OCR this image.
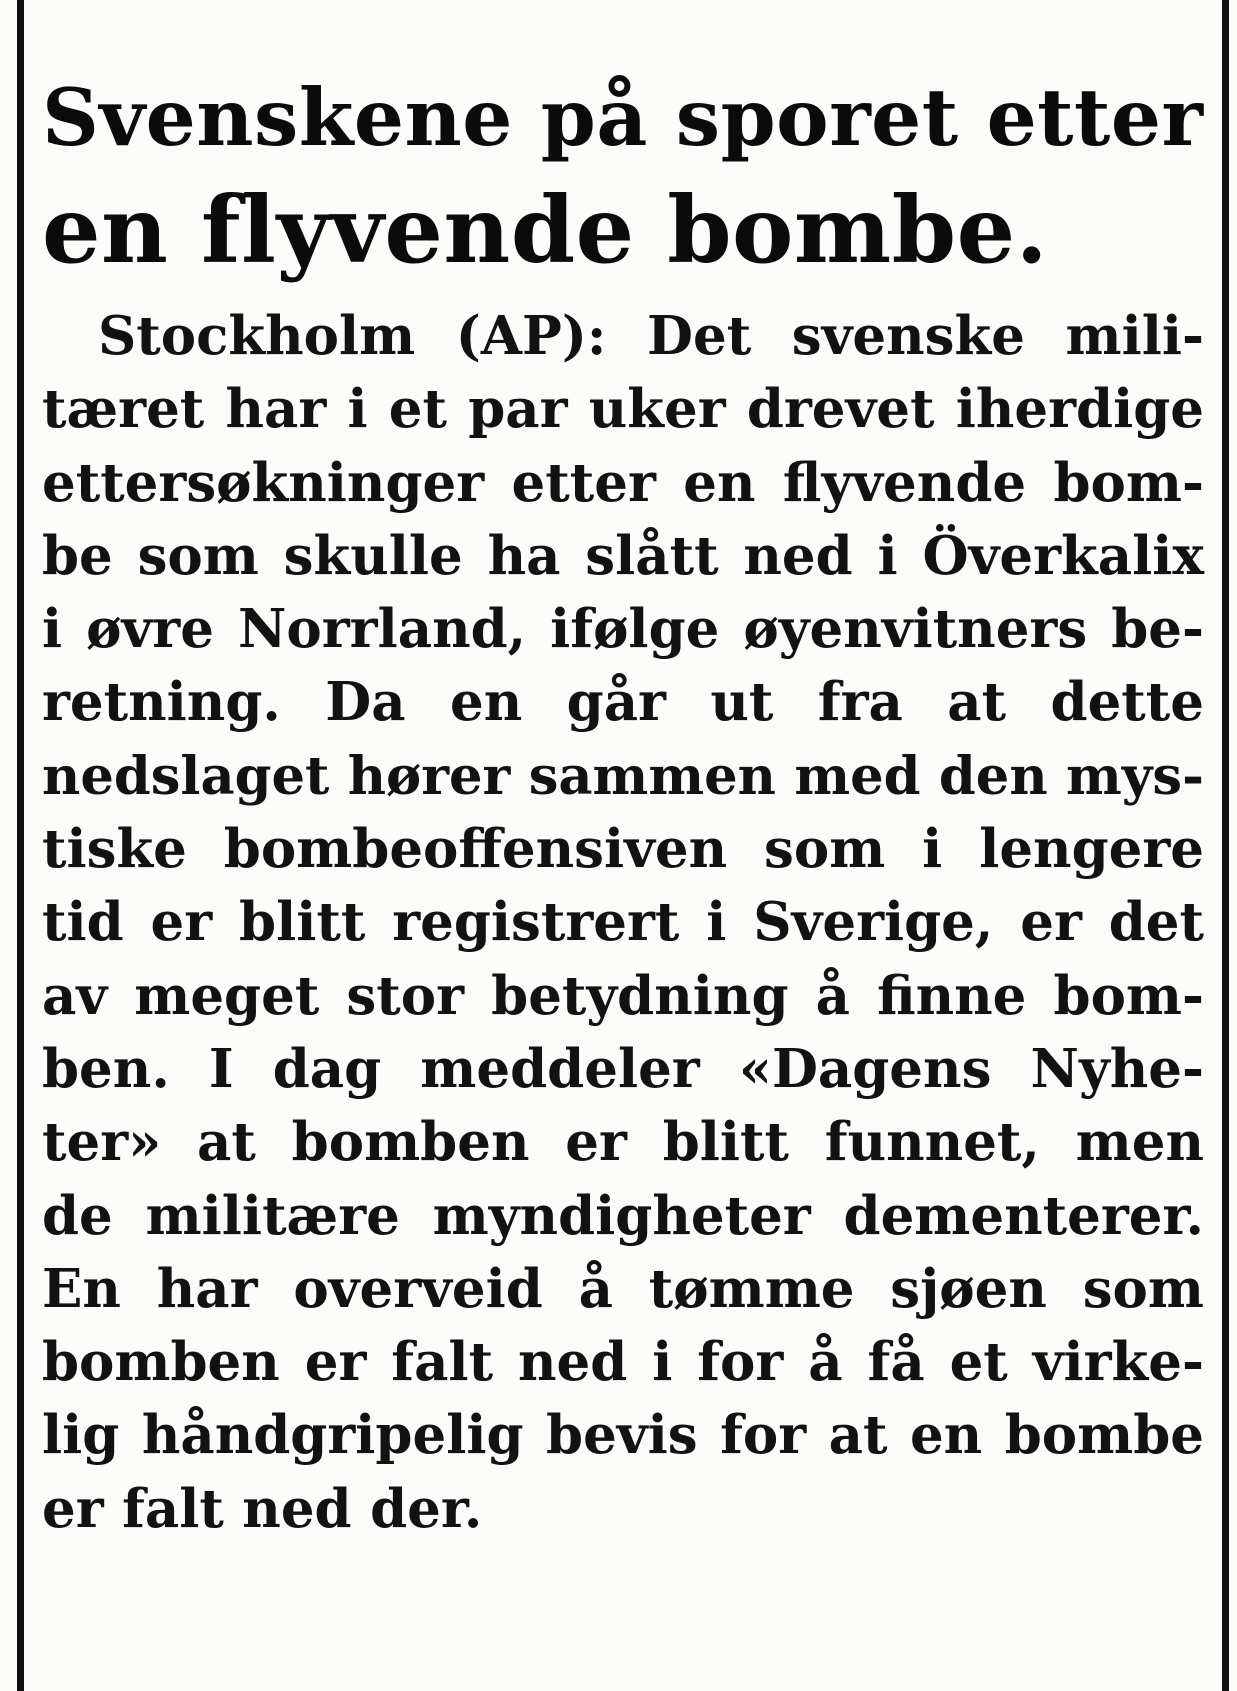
Svenskene på sporet etter
en flyvende bombe.
Stockholm (AP): Det svenske mili-
tæret har i et par uker drevet iherdige
ettersøkninger etter en flyvende bom-
be som skulle ha slått ned i Överkalix
i øvre Norrland, ifølge øyenvitners be-
retning. Da en går ut fra at dette
nedslaget hører sammen med den mys-
tiske bombeoffensiven som i lengere
tid er blitt registrert i Sverige, er det
av meget stor betydning å finne bom-
ben. I dag meddeler «Dagens Nyhe-
ter» at bomben er blitt funnet, men
de militære myndigheter dementerer.
En har overveid å tømme sjøen som
bomben er falt ned i for å få et virke-
lig håndgripelig bevis for at en bombe
er falt ned der.
